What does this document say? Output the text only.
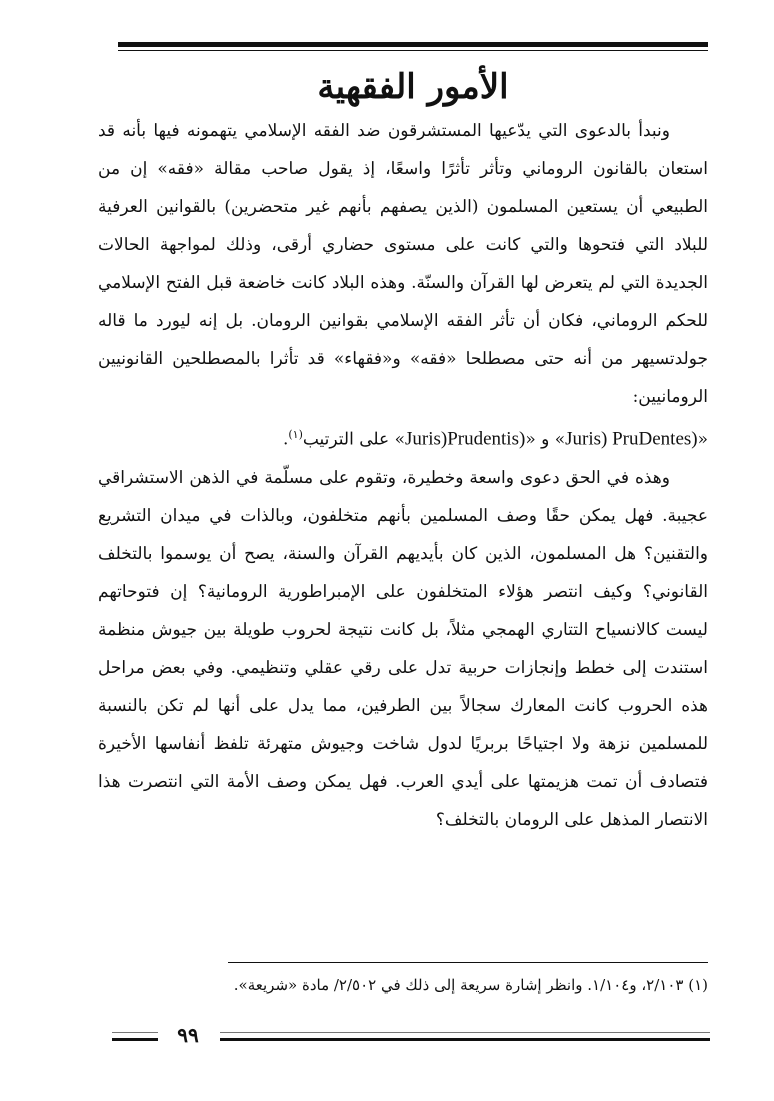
الأمور الفقهية

ونبدأ بالدعوى التي يدّعيها المستشرقون ضد الفقه الإسلامي يتهمونه فيها بأنه قد استعان بالقانون الروماني وتأثر تأثرًا واسعًا، إذ يقول صاحب مقالة «فقه» إن من الطبيعي أن يستعين المسلمون (الذين يصفهم بأنهم غير متحضرين) بالقوانين العرفية للبلاد التي فتحوها والتي كانت على مستوى حضاري أرقى، وذلك لمواجهة الحالات الجديدة التي لم يتعرض لها القرآن والسنّة. وهذه البلاد كانت خاضعة قبل الفتح الإسلامي للحكم الروماني، فكان أن تأثر الفقه الإسلامي بقوانين الرومان. بل إنه ليورد ما قاله جولدتسيهر من أنه حتى مصطلحا «فقه» و«فقهاء» قد تأثرا بالمصطلحين القانونيين الرومانيين:

«Juris) PruDentes)» و «Juris)Prudentis)» على الترتيب$^{(١)}$.

وهذه في الحق دعوى واسعة وخطيرة، وتقوم على مسلّمة في الذهن الاستشراقي عجيبة. فهل يمكن حقًا وصف المسلمين بأنهم متخلفون، وبالذات في ميدان التشريع والتقنين؟ هل المسلمون، الذين كان بأيديهم القرآن والسنة، يصح أن يوسموا بالتخلف القانوني؟ وكيف انتصر هؤلاء المتخلفون على الإمبراطورية الرومانية؟ إن فتوحاتهم ليست كالانسياح التتاري الهمجي مثلاً، بل كانت نتيجة لحروب طويلة بين جيوش منظمة استندت إلى خطط وإنجازات حربية تدل على رقي عقلي وتنظيمي. وفي بعض مراحل هذه الحروب كانت المعارك سجالاً بين الطرفين، مما يدل على أنها لم تكن بالنسبة للمسلمين نزهة ولا اجتياحًا بربريًا لدول شاخت وجيوش متهرئة تلفظ أنفاسها الأخيرة فتصادف أن تمت هزيمتها على أيدي العرب. فهل يمكن وصف الأمة التي انتصرت هذا الانتصار المذهل على الرومان بالتخلف؟

(١) ٢/١٠٣، و١/١٠٤. وانظر إشارة سريعة إلى ذلك في ٢/٥٠٢/ مادة «شريعة».
٩٩
